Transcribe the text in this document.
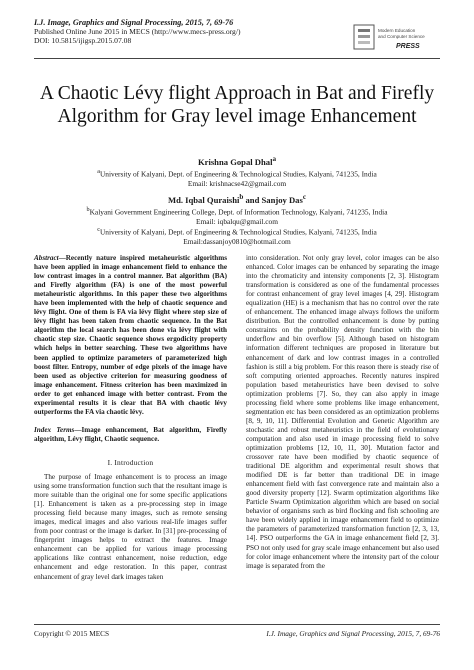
I.J. Image, Graphics and Signal Processing, 2015, 7, 69-76
Published Online June 2015 in MECS (http://www.mecs-press.org/)
DOI: 10.5815/ijigsp.2015.07.08
Modern Education
and Computer Science
PRESS
A Chaotic Lévy flight Approach in Bat and Firefly Algorithm for Gray level image Enhancement
Krishna Gopal Dhal$^a$
$^a$University of Kalyani, Dept. of Engineering & Technological Studies, Kalyani, 741235, India
Email: krishnacse42@gmail.com
Md. Iqbal Quraishi$^b$ and Sanjoy Das$^c$
$^b$Kalyani Government Engineering College, Dept. of Information Technology, Kalyani, 741235, India
Email: iqbalqu@gmail.com
$^c$University of Kalyani, Dept. of Engineering & Technological Studies, Kalyani, 741235, India
Email:dassanjoy0810@hotmail.com

Abstract—Recently nature inspired metaheuristic algorithms have been applied in image enhancement field to enhance the low contrast images in a control manner. Bat algorithm (BA) and Firefly algorithm (FA) is one of the most powerful metaheuristic algorithms. In this paper these two algorithms have been implemented with the help of chaotic sequence and lévy flight. One of them is FA via lévy flight where step size of lévy flight has been taken from chaotic sequence. In the Bat algorithm the local search has been done via lévy flight with chaotic step size. Chaotic sequence shows ergodicity property which helps in better searching. These two algorithms have been applied to optimize parameters of parameterized high boost filter. Entropy, number of edge pixels of the image have been used as objective criterion for measuring goodness of image enhancement. Fitness criterion has been maximized in order to get enhanced image with better contrast. From the experimental results it is clear that BA with chaotic lévy outperforms the FA via chaotic lévy.

Index Terms—Image enhancement, Bat algorithm, Firefly algorithm, Lévy flight, Chaotic sequence.

I. Introduction

The purpose of Image enhancement is to process an image using some transformation function such that the resultant image is more suitable than the original one for some specific applications [1]. Enhancement is taken as a pre-processing step in image processing field because many images, such as remote sensing images, medical images and also various real-life images suffer from poor contrast or the image is darker. In [31] pre-processing of fingerprint images helps to extract the features. Image enhancement can be applied for various image processing applications like contrast enhancement, noise reduction, edge enhancement and edge restoration. In this paper, contrast enhancement of gray level dark images taken

into consideration. Not only gray level, color images can be also enhanced. Color images can be enhanced by separating the image into the chromaticity and intensity components [2, 3]. Histogram transformation is considered as one of the fundamental processes for contrast enhancement of gray level images [4, 29]. Histogram equalization (HE) is a mechanism that has no control over the rate of enhancement. The enhanced image always follows the uniform distribution. But the controlled enhancement is done by putting constraints on the probability density function with the bin underflow and bin overflow [5]. Although based on histogram information different techniques are proposed in literature but enhancement of dark and low contrast images in a controlled fashion is still a big problem. For this reason there is steady rise of soft computing oriented approaches. Recently natures inspired population based metaheuristics have been devised to solve optimization problems [7]. So, they can also apply in image processing field where some problems like image enhancement, segmentation etc has been considered as an optimization problems [8, 9, 10, 11]. Differential Evolution and Genetic Algorithm are stochastic and robust metaheuristics in the field of evolutionary computation and also used in image processing field to solve optimization problems [12, 10, 11, 30]. Mutation factor and crossover rate have been modified by chaotic sequence of traditional DE algorithm and experimental result shows that modified DE is far better than traditional DE in image enhancement field with fast convergence rate and maintain also a good diversity property [12]. Swarm optimization algorithms like Particle Swarm Optimization algorithm which are based on social behavior of organisms such as bird flocking and fish schooling are have been widely applied in image enhancement field to optimize the parameters of parameterized transformation function [2, 3, 13, 14]. PSO outperforms the GA in image enhancement field [2, 3]. PSO not only used for gray scale image enhancement but also used for color image enhancement where the intensity part of the colour image is separated from the

Copyright © 2015 MECS	I.J. Image, Graphics and Signal Processing, 2015, 7, 69-76
